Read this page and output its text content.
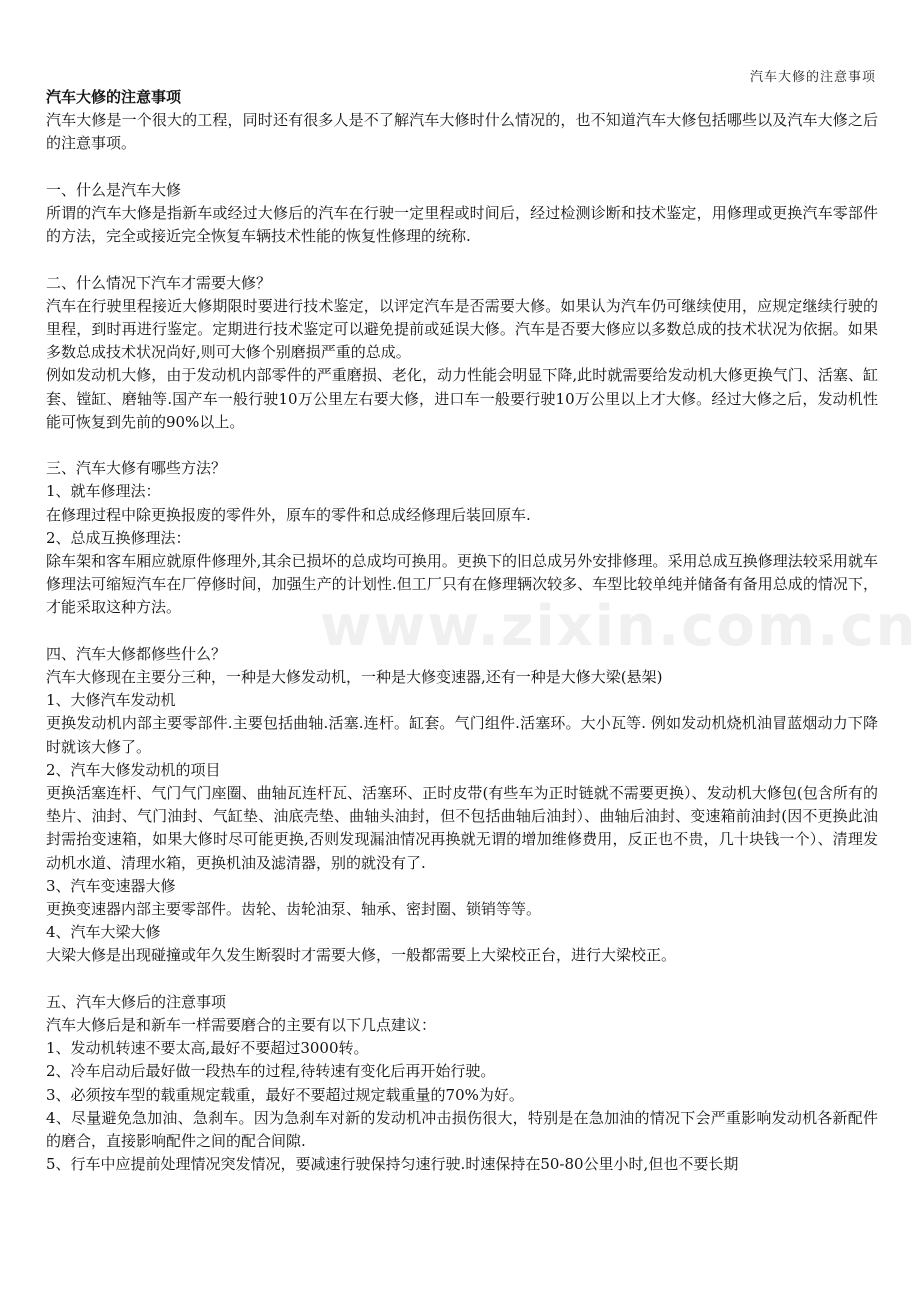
汽车大修的注意事项
www.zixin.com.cn
汽车大修的注意事项

汽车大修是一个很大的工程，同时还有很多人是不了解汽车大修时什么情况的，也不知道汽车大修包括哪些以及汽车大修之后的注意事项。

一、什么是汽车大修

所谓的汽车大修是指新车或经过大修后的汽车在行驶一定里程或时间后，经过检测诊断和技术鉴定，用修理或更换汽车零部件的方法，完全或接近完全恢复车辆技术性能的恢复性修理的统称.

二、什么情况下汽车才需要大修？

汽车在行驶里程接近大修期限时要进行技术鉴定，以评定汽车是否需要大修。如果认为汽车仍可继续使用，应规定继续行驶的里程，到时再进行鉴定。定期进行技术鉴定可以避免提前或延误大修。汽车是否要大修应以多数总成的技术状况为依据。如果多数总成技术状况尚好,则可大修个别磨损严重的总成。

例如发动机大修，由于发动机内部零件的严重磨损、老化，动力性能会明显下降,此时就需要给发动机大修更换气门、活塞、缸套、镗缸、磨轴等.国产车一般行驶10万公里左右要大修，进口车一般要行驶10万公里以上才大修。经过大修之后，发动机性能可恢复到先前的90%以上。

三、汽车大修有哪些方法？

1、就车修理法：

在修理过程中除更换报废的零件外，原车的零件和总成经修理后装回原车.

2、总成互换修理法：

除车架和客车厢应就原件修理外,其余已损坏的总成均可换用。更换下的旧总成另外安排修理。采用总成互换修理法较采用就车修理法可缩短汽车在厂停修时间，加强生产的计划性.但工厂只有在修理辆次较多、车型比较单纯并储备有备用总成的情况下，才能采取这种方法。

四、汽车大修都修些什么？

汽车大修现在主要分三种，一种是大修发动机，一种是大修变速器,还有一种是大修大梁(悬架)

1、大修汽车发动机

更换发动机内部主要零部件.主要包括曲轴.活塞.连杆。缸套。气门组件.活塞环。大小瓦等. 例如发动机烧机油冒蓝烟动力下降时就该大修了。

2、汽车大修发动机的项目

更换活塞连杆、气门气门座圈、曲轴瓦连杆瓦、活塞环、正时皮带(有些车为正时链就不需要更换）、发动机大修包(包含所有的垫片、油封、气门油封、气缸垫、油底壳垫、曲轴头油封，但不包括曲轴后油封）、曲轴后油封、变速箱前油封(因不更换此油封需抬变速箱，如果大修时尽可能更换,否则发现漏油情况再换就无谓的增加维修费用，反正也不贵，几十块钱一个）、清理发动机水道、清理水箱，更换机油及滤清器，别的就没有了.

3、汽车变速器大修

更换变速器内部主要零部件。齿轮、齿轮油泵、轴承、密封圈、锁销等等。

4、汽车大梁大修

大梁大修是出现碰撞或年久发生断裂时才需要大修，一般都需要上大梁校正台，进行大梁校正。

五、汽车大修后的注意事项

汽车大修后是和新车一样需要磨合的主要有以下几点建议：

1、发动机转速不要太高,最好不要超过3000转。

2、冷车启动后最好做一段热车的过程,待转速有变化后再开始行驶。

3、必须按车型的载重规定载重，最好不要超过规定载重量的70%为好。

4、尽量避免急加油、急刹车。因为急刹车对新的发动机冲击损伤很大，特别是在急加油的情况下会严重影响发动机各新配件的磨合，直接影响配件之间的配合间隙.

5、行车中应提前处理情况突发情况，要减速行驶保持匀速行驶.时速保持在50-80公里小时,但也不要长期
